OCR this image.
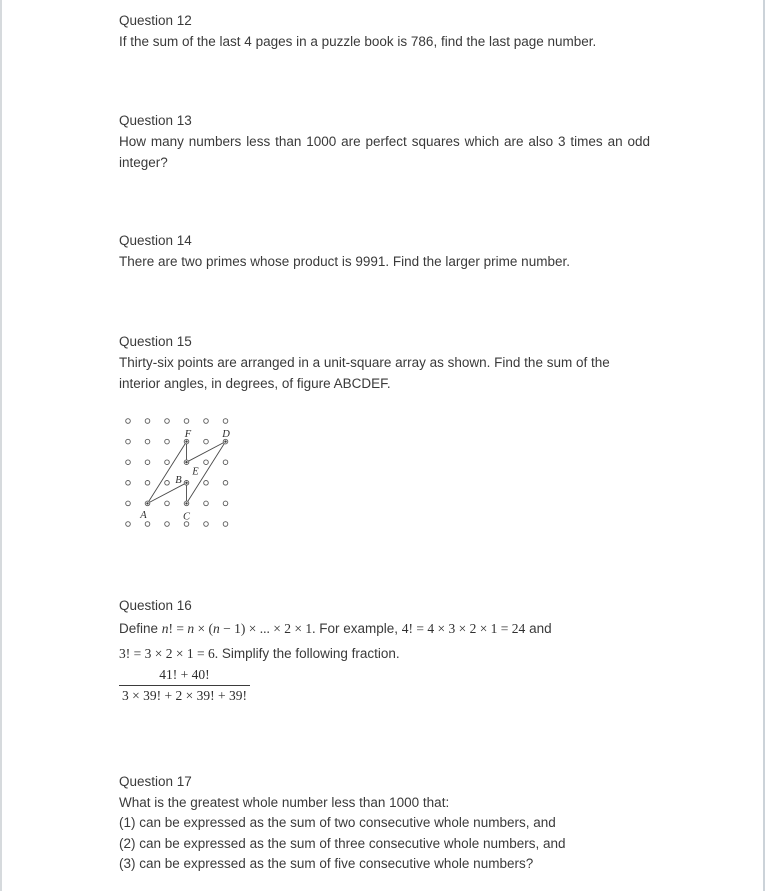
Question 12
If the sum of the last 4 pages in a puzzle book is 786, find the last page number.
Question 13
How many numbers less than 1000 are perfect squares which are also 3 times an odd
integer?
Question 14
There are two primes whose product is 9991. Find the larger prime number.
Question 15
Thirty-six points are arranged in a unit-square array as shown. Find the sum of the
interior angles, in degrees, of figure ABCDEF.
A
B
C
D
E
F
Question 16
Define n! = n × (n − 1) × ... × 2 × 1. For example, 4! = 4 × 3 × 2 × 1 = 24 and
3! = 3 × 2 × 1 = 6. Simplify the following fraction.
$\frac{41! + 40!}{3 \times 39! + 2 \times 39! + 39!}$
Question 17
What is the greatest whole number less than 1000 that:
(1) can be expressed as the sum of two consecutive whole numbers, and
(2) can be expressed as the sum of three consecutive whole numbers, and
(3) can be expressed as the sum of five consecutive whole numbers?
